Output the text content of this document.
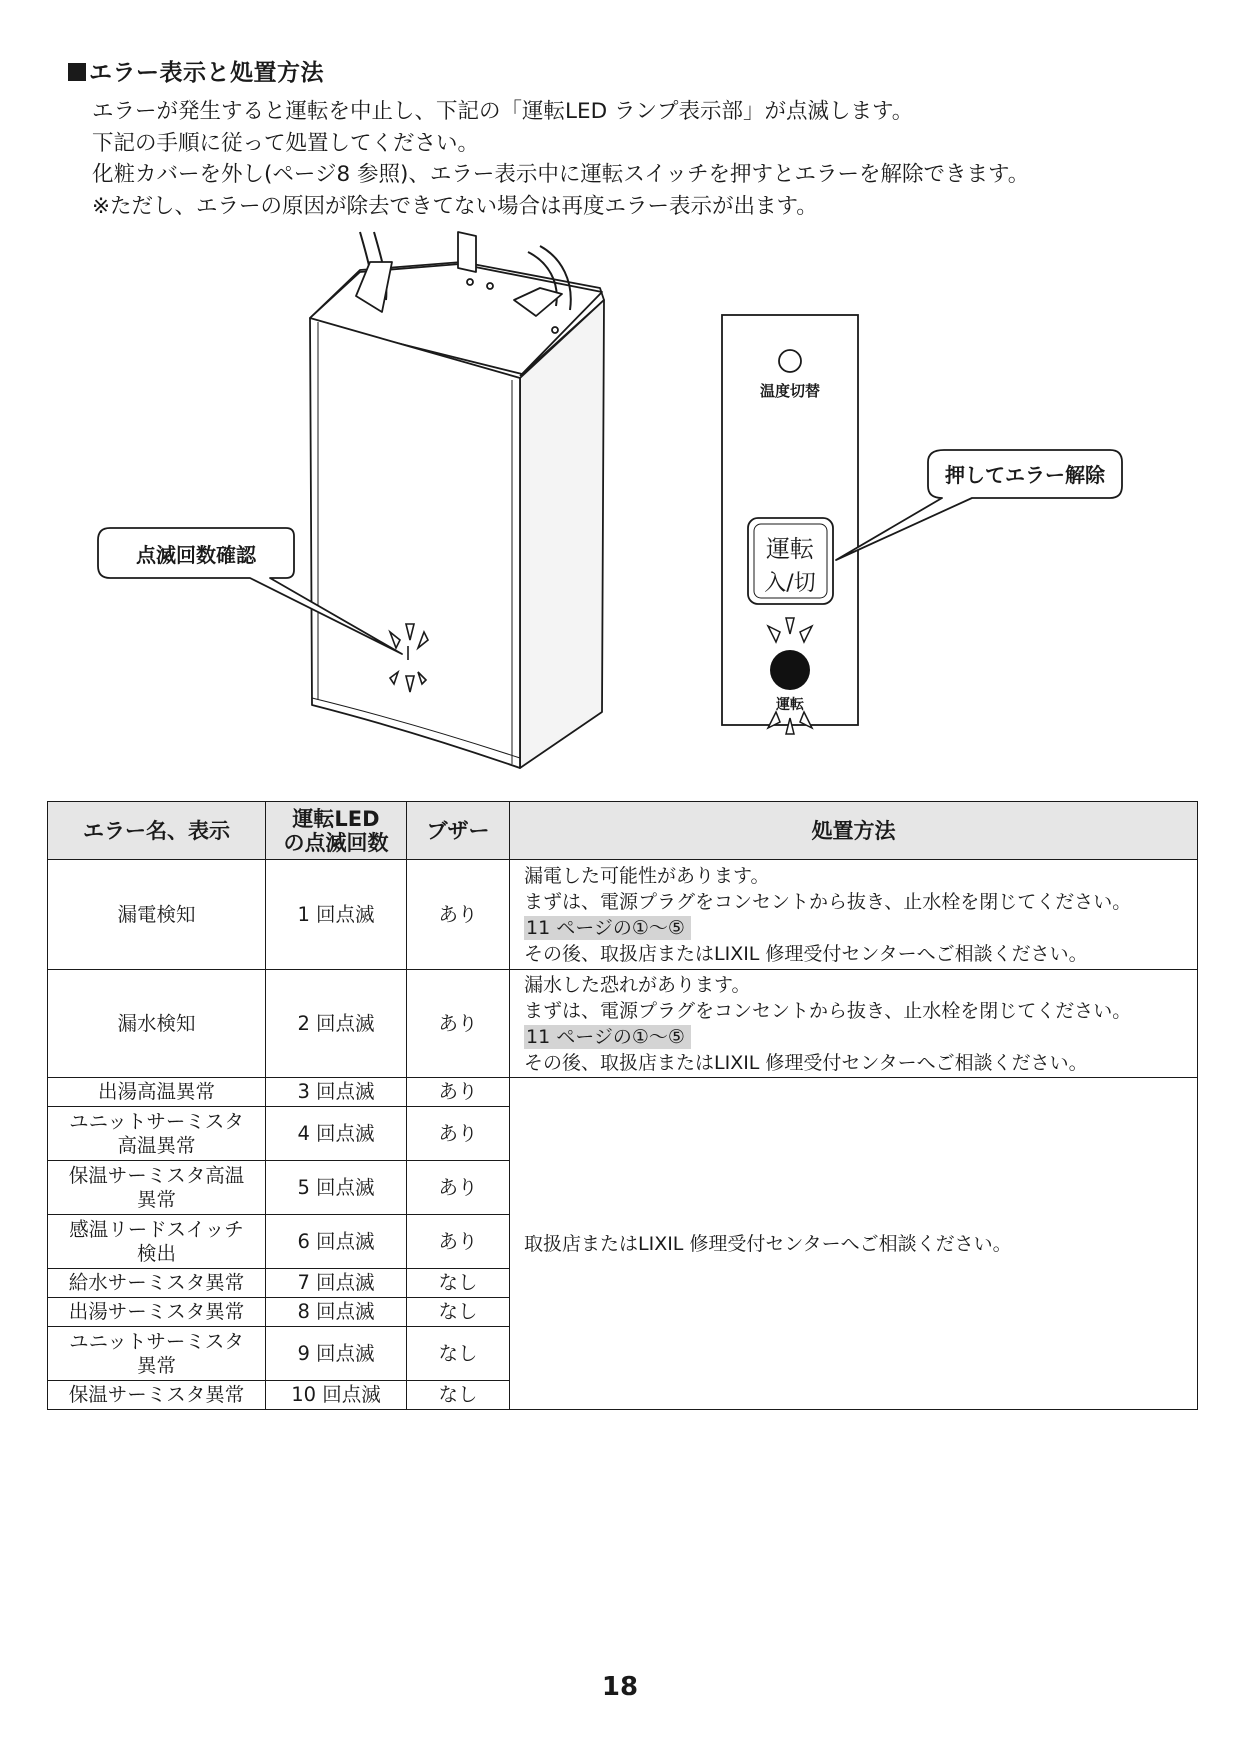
エラー表示と処置方法

エラーが発生すると運転を中止し、下記の「運転LED ランプ表示部」が点滅します。

下記の手順に従って処置してください。

化粧カバーを外し(ページ8 参照)、エラー表示中に運転スイッチを押すとエラーを解除できます。

※ただし、エラーの原因が除去できてない場合は再度エラー表示が出ます。

点滅回数確認
温度切替
運転
入/切
運転
押してエラー解除
エラー名、表示	運転LED
の点滅回数	ブザー	処置方法
漏電検知	1 回点滅	あり	漏電した可能性があります。
まずは、電源プラグをコンセントから抜き、止水栓を閉じてください。
11 ページの①～⑤
その後、取扱店またはLIXIL 修理受付センターへご相談ください。

漏水検知	2 回点滅	あり	漏水した恐れがあります。
まずは、電源プラグをコンセントから抜き、止水栓を閉じてください。
11 ページの①～⑤
その後、取扱店またはLIXIL 修理受付センターへご相談ください。

出湯高温異常	3 回点滅	あり	取扱店またはLIXIL 修理受付センターへご相談ください。

ユニットサーミスタ
高温異常	4 回点滅	あり	

保温サーミスタ高温
異常	5 回点滅	あり	

感温リードスイッチ
検出	6 回点滅	あり	
給水サーミスタ異常	7 回点滅	なし	
出湯サーミスタ異常	8 回点滅	なし	

ユニットサーミスタ
異常	9 回点滅	なし	
保温サーミスタ異常	10 回点滅	なし	
18
